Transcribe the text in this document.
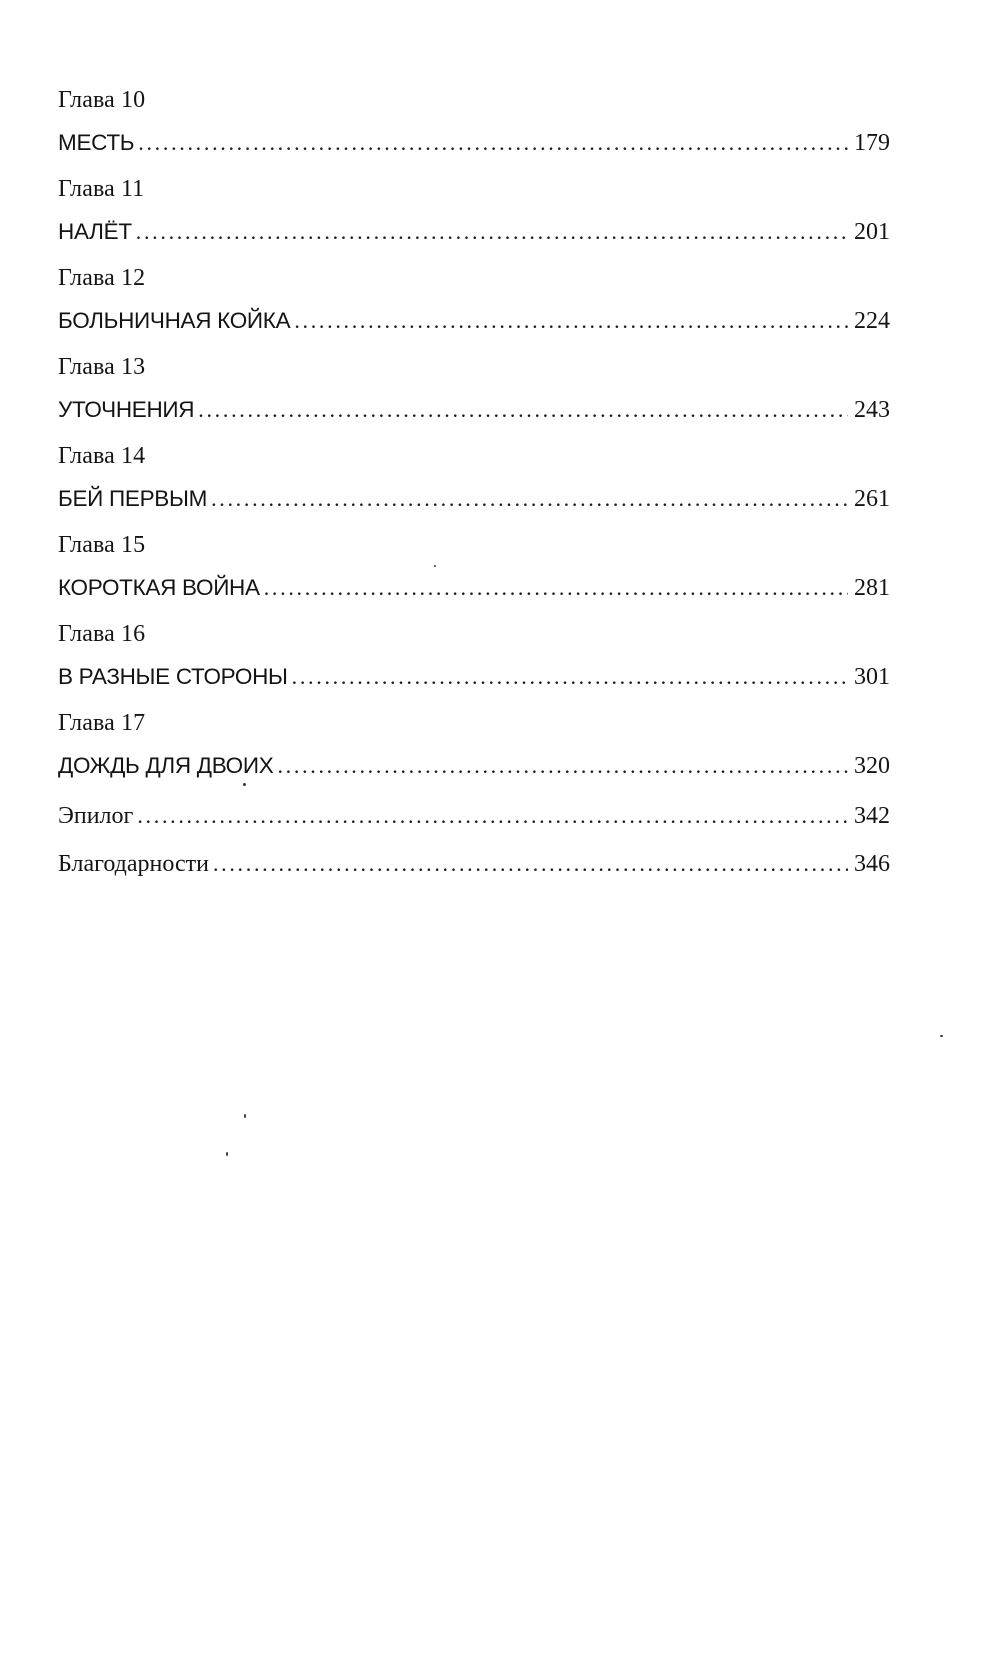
Глава 10
МЕСТЬ . . .	179
Глава 11
НАЛЁТ . . .	201
Глава 12
БОЛЬНИЧНАЯ КОЙКА . . .	224
Глава 13
УТОЧНЕНИЯ . . .	243
Глава 14
БЕЙ ПЕРВЫМ . . .	261
Глава 15
КОРОТКАЯ ВОЙНА . . .	281
Глава 16
В РАЗНЫЕ СТОРОНЫ . . .	301
Глава 17
ДОЖДЬ ДЛЯ ДВОИХ . . .	320
Эпилог . . .	342
Благодарности . . .	346
